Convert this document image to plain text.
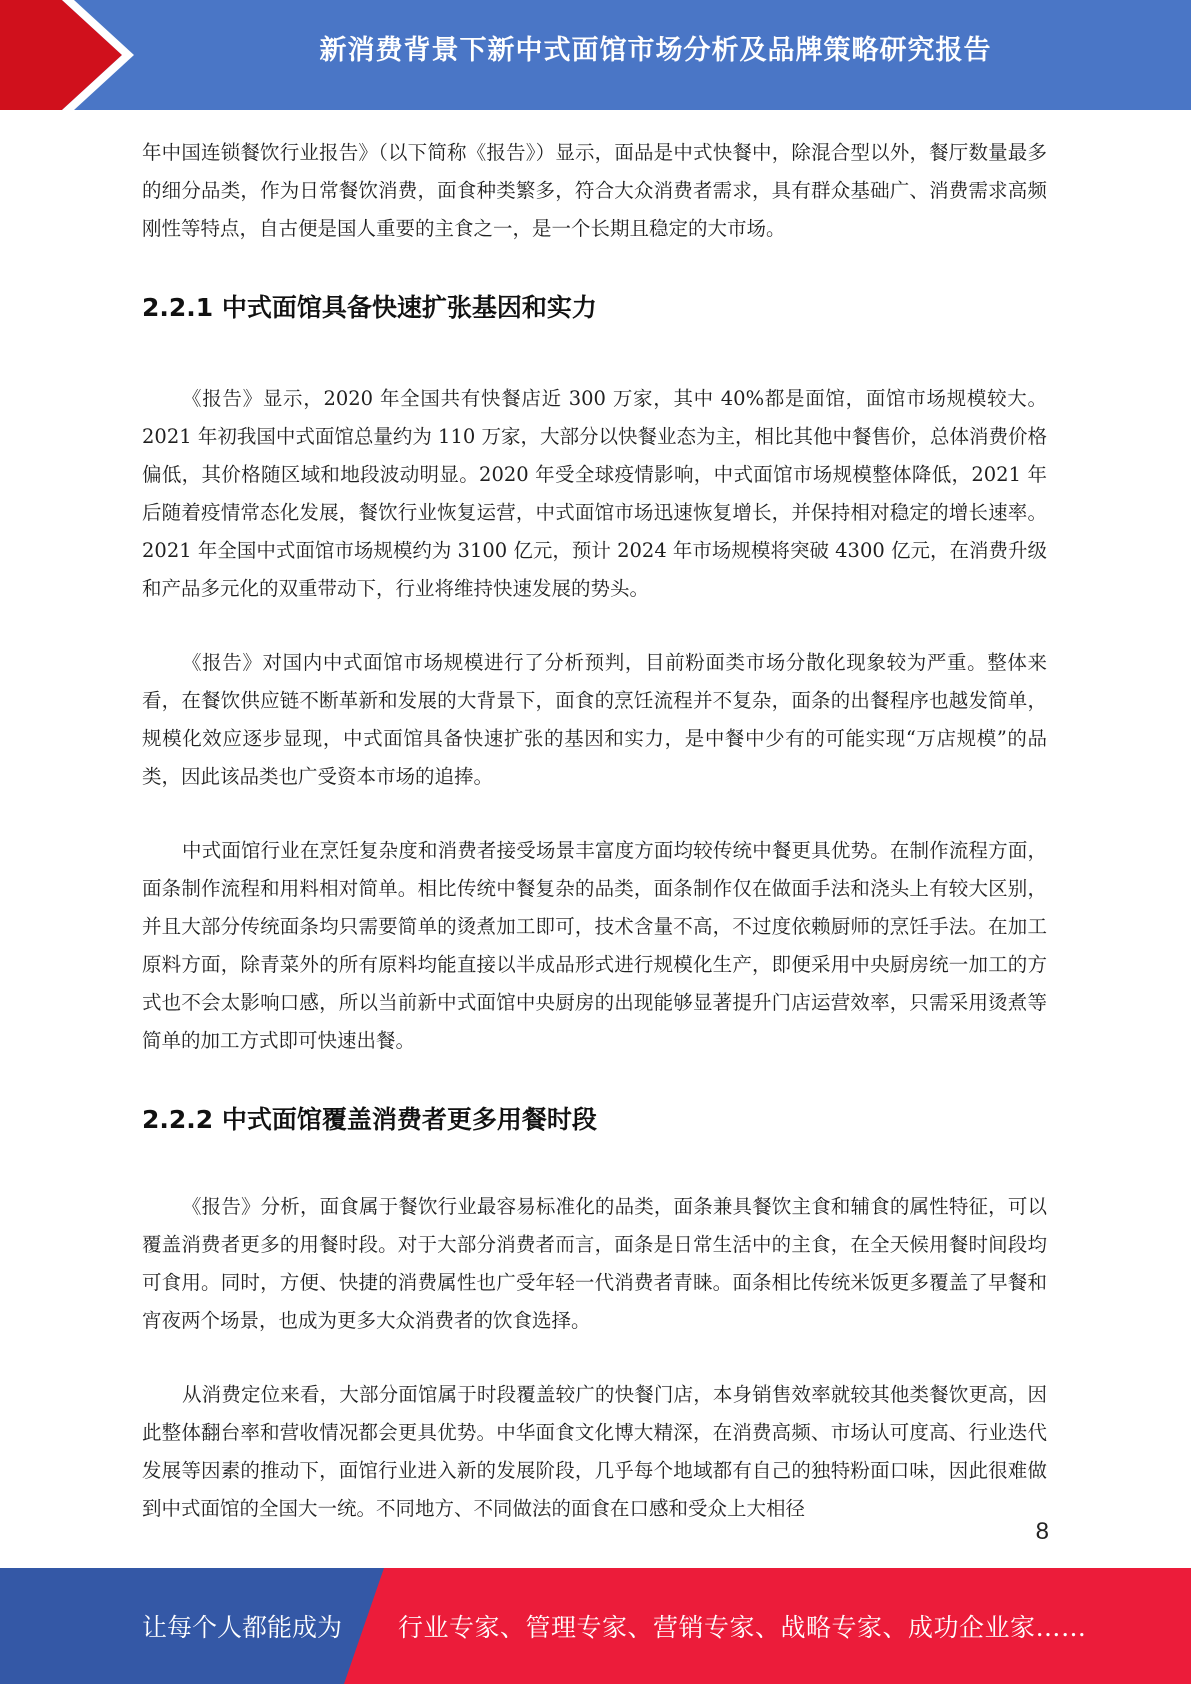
新消费背景下新中式面馆市场分析及品牌策略研究报告

年中国连锁餐饮行业报告》（以下简称《报告》）显示，面品是中式快餐中，除混合型以外，餐厅数量最多的细分品类，作为日常餐饮消费，面食种类繁多，符合大众消费者需求，具有群众基础广、消费需求高频刚性等特点，自古便是国人重要的主食之一，是一个长期且稳定的大市场。

2.2.1 中式面馆具备快速扩张基因和实力

《报告》显示，2020 年全国共有快餐店近 300 万家，其中 40%都是面馆，面馆市场规模较大。2021 年初我国中式面馆总量约为 110 万家，大部分以快餐业态为主，相比其他中餐售价，总体消费价格偏低，其价格随区域和地段波动明显。2020 年受全球疫情影响，中式面馆市场规模整体降低，2021 年后随着疫情常态化发展，餐饮行业恢复运营，中式面馆市场迅速恢复增长，并保持相对稳定的增长速率。2021 年全国中式面馆市场规模约为 3100 亿元，预计 2024 年市场规模将突破 4300 亿元，在消费升级和产品多元化的双重带动下，行业将维持快速发展的势头。

《报告》对国内中式面馆市场规模进行了分析预判，目前粉面类市场分散化现象较为严重。整体来看，在餐饮供应链不断革新和发展的大背景下，面食的烹饪流程并不复杂，面条的出餐程序也越发简单，规模化效应逐步显现，中式面馆具备快速扩张的基因和实力，是中餐中少有的可能实现“万店规模”的品类，因此该品类也广受资本市场的追捧。

中式面馆行业在烹饪复杂度和消费者接受场景丰富度方面均较传统中餐更具优势。在制作流程方面，面条制作流程和用料相对简单。相比传统中餐复杂的品类，面条制作仅在做面手法和浇头上有较大区别，并且大部分传统面条均只需要简单的烫煮加工即可，技术含量不高，不过度依赖厨师的烹饪手法。在加工原料方面，除青菜外的所有原料均能直接以半成品形式进行规模化生产，即便采用中央厨房统一加工的方式也不会太影响口感，所以当前新中式面馆中央厨房的出现能够显著提升门店运营效率，只需采用烫煮等简单的加工方式即可快速出餐。

2.2.2 中式面馆覆盖消费者更多用餐时段

《报告》分析，面食属于餐饮行业最容易标准化的品类，面条兼具餐饮主食和辅食的属性特征，可以覆盖消费者更多的用餐时段。对于大部分消费者而言，面条是日常生活中的主食，在全天候用餐时间段均可食用。同时，方便、快捷的消费属性也广受年轻一代消费者青睐。面条相比传统米饭更多覆盖了早餐和宵夜两个场景，也成为更多大众消费者的饮食选择。

从消费定位来看，大部分面馆属于时段覆盖较广的快餐门店，本身销售效率就较其他类餐饮更高，因此整体翻台率和营收情况都会更具优势。中华面食文化博大精深，在消费高频、市场认可度高、行业迭代发展等因素的推动下，面馆行业进入新的发展阶段，几乎每个地域都有自己的独特粉面口味，因此很难做到中式面馆的全国大一统。不同地方、不同做法的面食在口感和受众上大相径

8
让每个人都能成为 行业专家、管理专家、营销专家、战略专家、成功企业家……
